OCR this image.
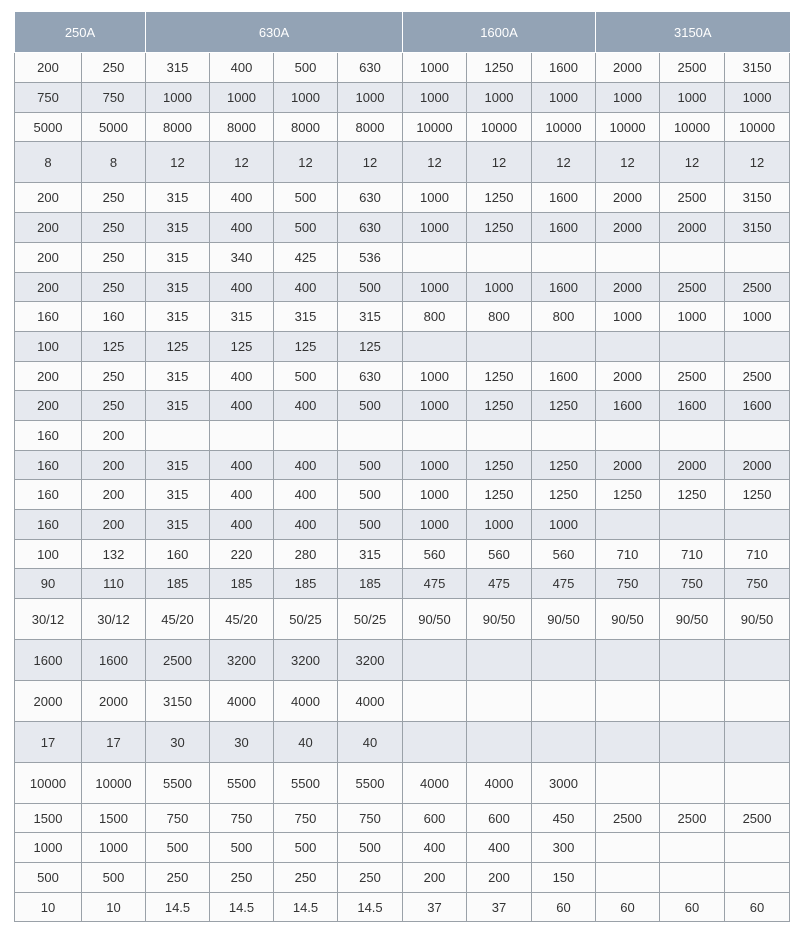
250A		630A				1600A			3150A		
200	250	315	400	500	630	1000	1250	1600	2000	2500	3150
750	750	1000	1000	1000	1000	1000	1000	1000	1000	1000	1000
5000	5000	8000	8000	8000	8000	10000	10000	10000	10000	10000	10000
8	8	12	12	12	12	12	12	12	12	12	12
200	250	315	400	500	630	1000	1250	1600	2000	2500	3150
200	250	315	400	500	630	1000	1250	1600	2000	2000	3150
200	250	315	340	425	536						
200	250	315	400	400	500	1000	1000	1600	2000	2500	2500
160	160	315	315	315	315	800	800	800	1000	1000	1000
100	125	125	125	125	125						
200	250	315	400	500	630	1000	1250	1600	2000	2500	2500
200	250	315	400	400	500	1000	1250	1250	1600	1600	1600
160	200										
160	200	315	400	400	500	1000	1250	1250	2000	2000	2000
160	200	315	400	400	500	1000	1250	1250	1250	1250	1250
160	200	315	400	400	500	1000	1000	1000			
100	132	160	220	280	315	560	560	560	710	710	710
90	110	185	185	185	185	475	475	475	750	750	750
30/12	30/12	45/20	45/20	50/25	50/25	90/50	90/50	90/50	90/50	90/50	90/50
1600	1600	2500	3200	3200	3200						
2000	2000	3150	4000	4000	4000						
17	17	30	30	40	40						
10000	10000	5500	5500	5500	5500	4000	4000	3000			
1500	1500	750	750	750	750	600	600	450	2500	2500	2500
1000	1000	500	500	500	500	400	400	300			
500	500	250	250	250	250	200	200	150			
10	10	14.5	14.5	14.5	14.5	37	37	60	60	60	60
